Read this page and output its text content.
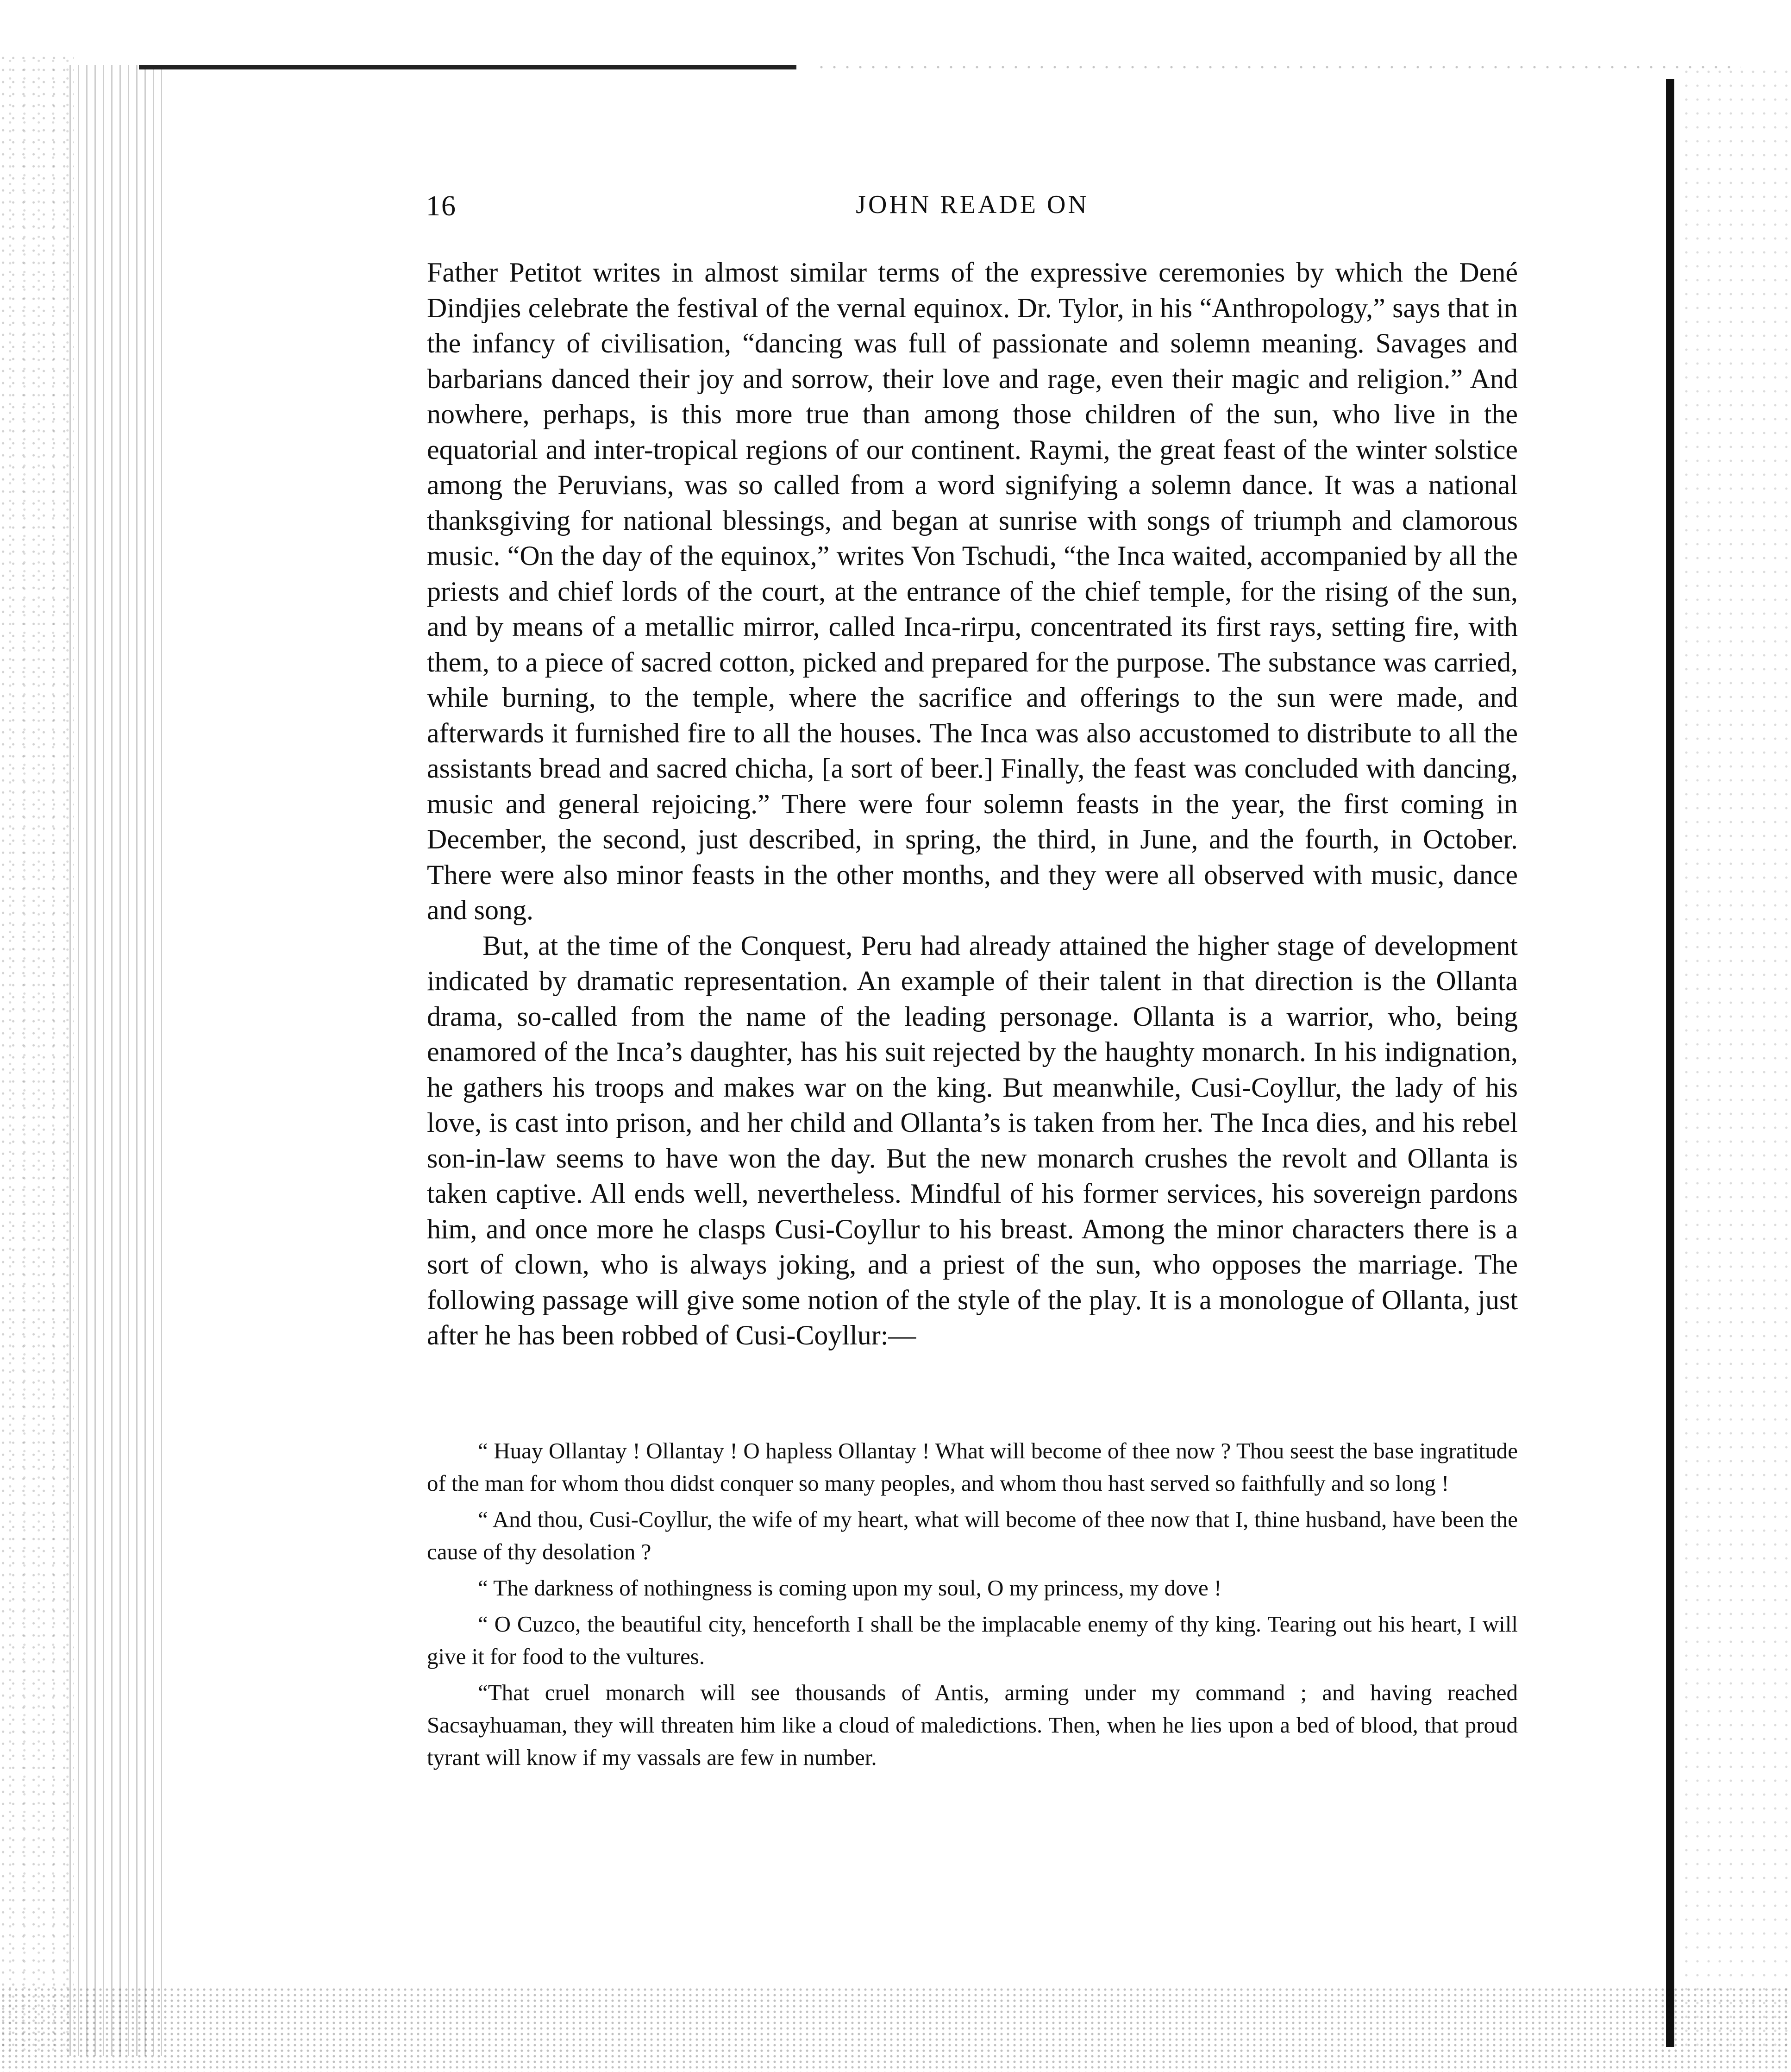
16	JOHN READE ON

Father Petitot writes in almost similar terms of the expressive ceremonies by which the Dené Dindjies celebrate the festival of the vernal equinox. Dr. Tylor, in his “Anthropology,” says that in the infancy of civilisation, “dancing was full of passionate and solemn meaning. Savages and barbarians danced their joy and sorrow, their love and rage, even their magic and religion.” And nowhere, perhaps, is this more true than among those children of the sun, who live in the equatorial and inter-tropical regions of our continent. Raymi, the great feast of the winter solstice among the Peruvians, was so called from a word signifying a solemn dance. It was a national thanksgiving for national blessings, and began at sunrise with songs of triumph and clamorous music. “On the day of the equinox,” writes Von Tschudi, “the Inca waited, accompanied by all the priests and chief lords of the court, at the entrance of the chief temple, for the rising of the sun, and by means of a metallic mirror, called Inca-rirpu, concentrated its first rays, setting fire, with them, to a piece of sacred cotton, picked and prepared for the purpose. The substance was carried, while burning, to the temple, where the sacrifice and offerings to the sun were made, and afterwards it furnished fire to all the houses. The Inca was also accustomed to distribute to all the assistants bread and sacred chicha, [a sort of beer.] Finally, the feast was concluded with dancing, music and general rejoicing.” There were four solemn feasts in the year, the first coming in December, the second, just described, in spring, the third, in June, and the fourth, in October. There were also minor feasts in the other months, and they were all observed with music, dance and song.

But, at the time of the Conquest, Peru had already attained the higher stage of development indicated by dramatic representation. An example of their talent in that direction is the Ollanta drama, so-called from the name of the leading personage. Ollanta is a warrior, who, being enamored of the Inca’s daughter, has his suit rejected by the haughty monarch. In his indignation, he gathers his troops and makes war on the king. But meanwhile, Cusi-Coyllur, the lady of his love, is cast into prison, and her child and Ollanta’s is taken from her. The Inca dies, and his rebel son-in-law seems to have won the day. But the new monarch crushes the revolt and Ollanta is taken captive. All ends well, nevertheless. Mindful of his former services, his sovereign pardons him, and once more he clasps Cusi-Coyllur to his breast. Among the minor characters there is a sort of clown, who is always joking, and a priest of the sun, who opposes the marriage. The following passage will give some notion of the style of the play. It is a monologue of Ollanta, just after he has been robbed of Cusi-Coyllur:—

“ Huay Ollantay ! Ollantay ! O hapless Ollantay ! What will become of thee now ? Thou seest the base ingratitude of the man for whom thou didst conquer so many peoples, and whom thou hast served so faithfully and so long !

“ And thou, Cusi-Coyllur, the wife of my heart, what will become of thee now that I, thine husband, have been the cause of thy desolation ?

“ The darkness of nothingness is coming upon my soul, O my princess, my dove !

“ O Cuzco, the beautiful city, henceforth I shall be the implacable enemy of thy king. Tearing out his heart, I will give it for food to the vultures.

“That cruel monarch will see thousands of Antis, arming under my command ; and having reached Sacsayhuaman, they will threaten him like a cloud of maledictions. Then, when he lies upon a bed of blood, that proud tyrant will know if my vassals are few in number.
